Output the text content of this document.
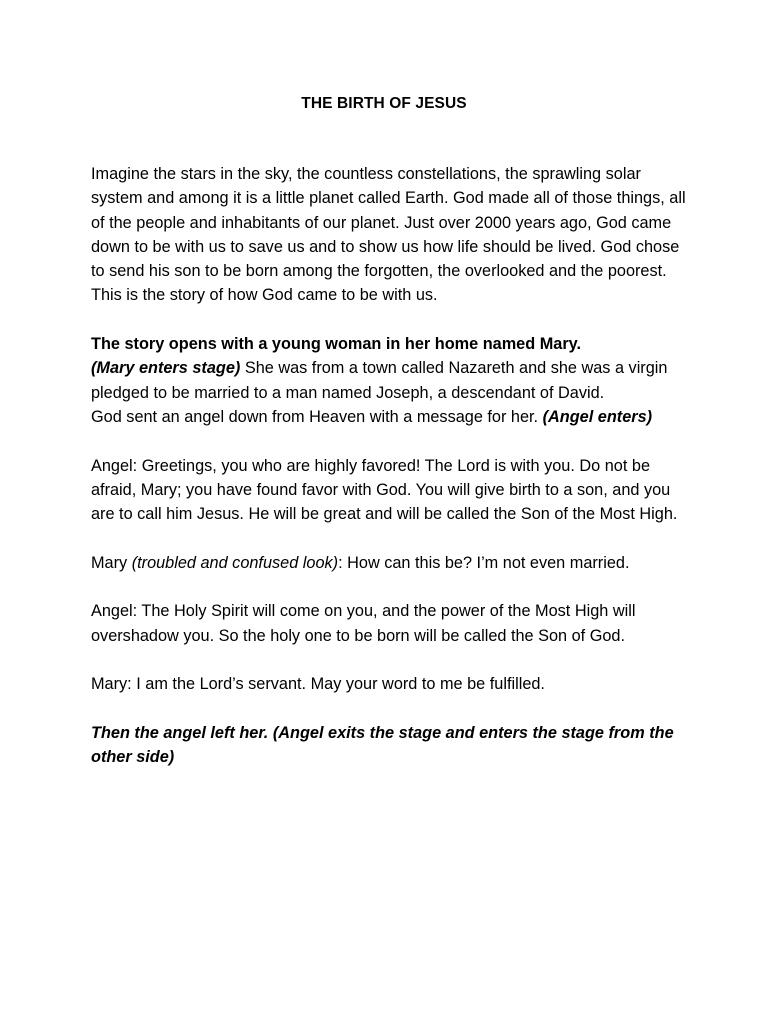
THE BIRTH OF JESUS

Imagine the stars in the sky, the countless constellations, the sprawling solar system and among it is a little planet called Earth. God made all of those things, all of the people and inhabitants of our planet. Just over 2000 years ago, God came down to be with us to save us and to show us how life should be lived. God chose to send his son to be born among the forgotten, the overlooked and the poorest. This is the story of how God came to be with us.

The story opens with a young woman in her home named Mary.
(Mary enters stage) She was from a town called Nazareth and she was a virgin pledged to be married to a man named Joseph, a descendant of David.
God sent an angel down from Heaven with a message for her. (Angel enters)

Angel: Greetings, you who are highly favored! The Lord is with you. Do not be afraid, Mary; you have found favor with God. You will give birth to a son, and you are to call him Jesus. He will be great and will be called the Son of the Most High.

Mary (troubled and confused look): How can this be? I’m not even married.

Angel: The Holy Spirit will come on you, and the power of the Most High will overshadow you. So the holy one to be born will be called the Son of God.

Mary: I am the Lord’s servant. May your word to me be fulfilled.

Then the angel left her. (Angel exits the stage and enters the stage from the other side)
